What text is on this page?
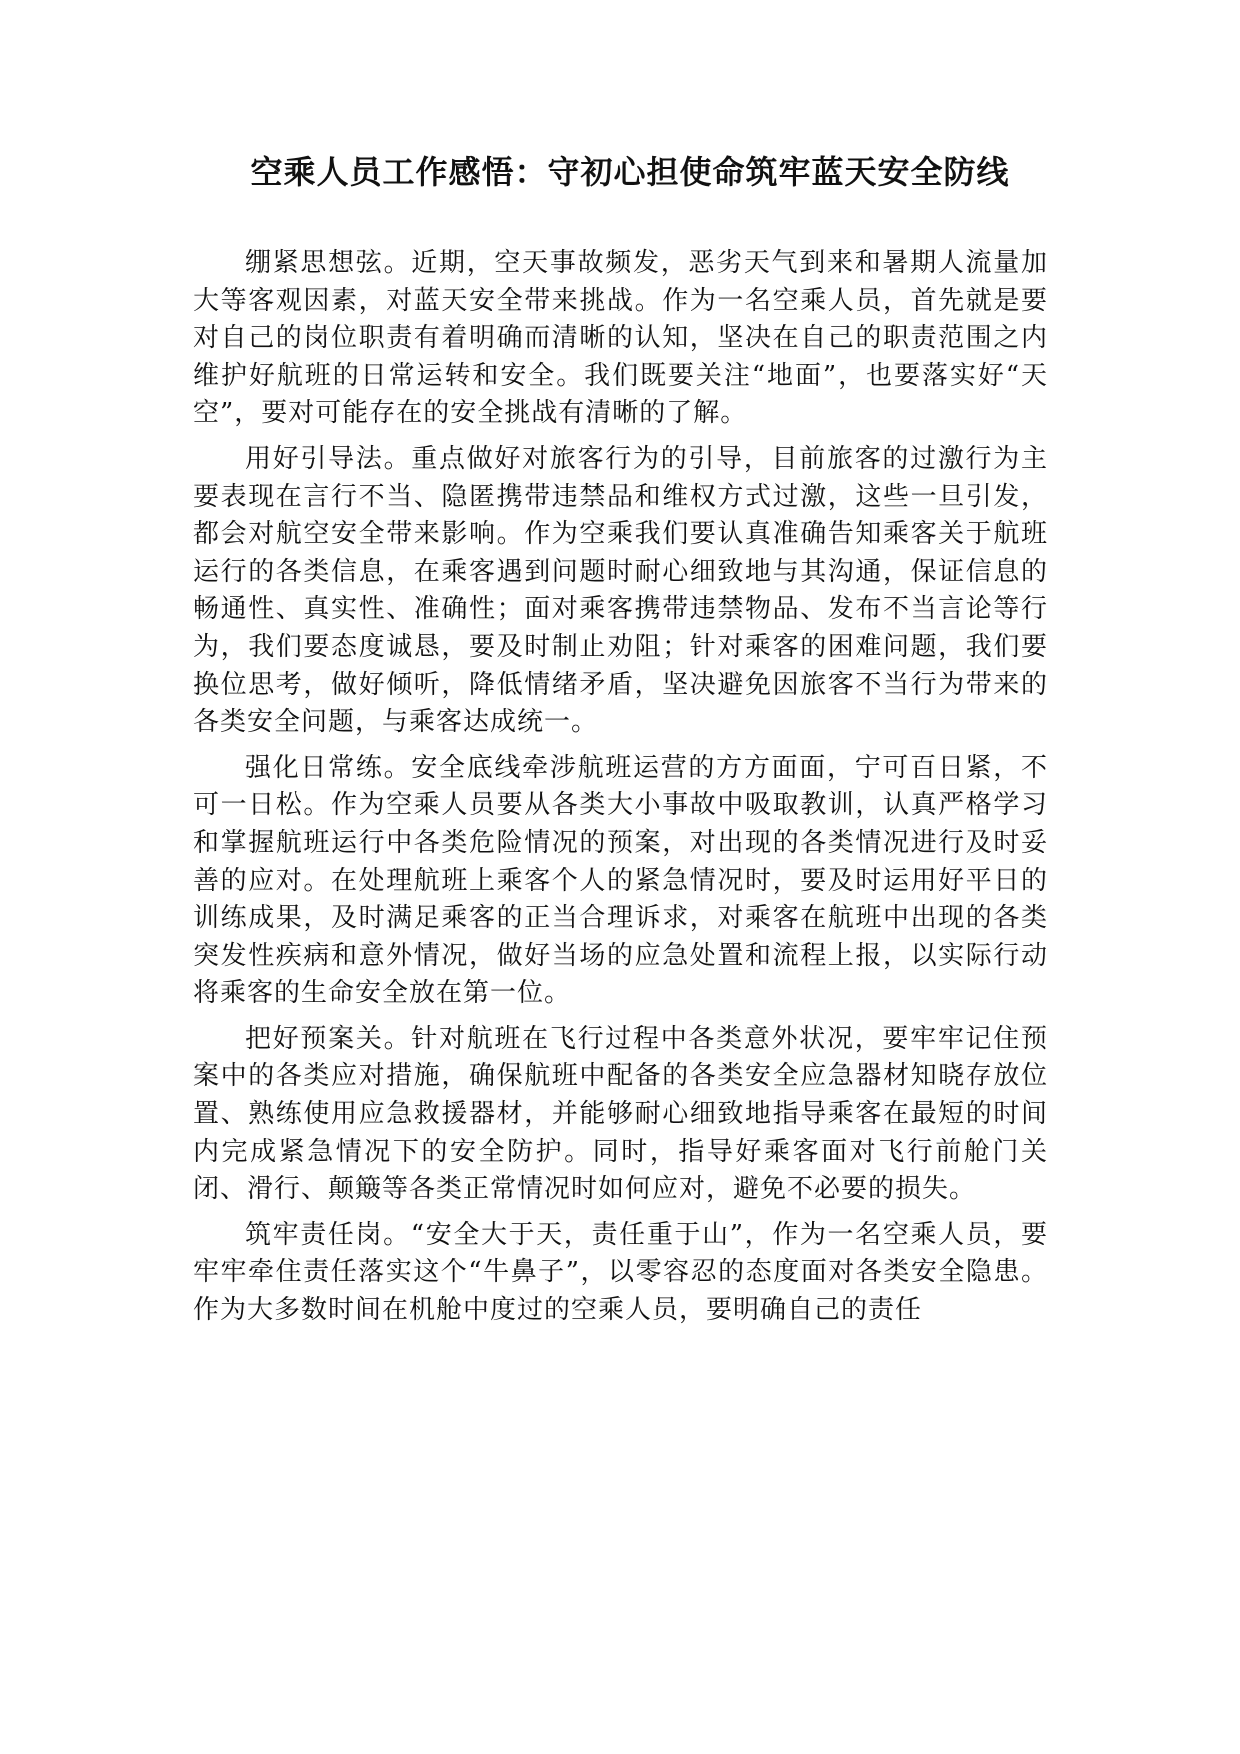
空乘人员工作感悟：守初心担使命筑牢蓝天安全防线

绷紧思想弦。近期，空天事故频发，恶劣天气到来和暑期人流量加大等客观因素，对蓝天安全带来挑战。作为一名空乘人员，首先就是要对自己的岗位职责有着明确而清晰的认知，坚决在自己的职责范围之内维护好航班的日常运转和安全。我们既要关注“地面”，也要落实好“天空”，要对可能存在的安全挑战有清晰的了解。

用好引导法。重点做好对旅客行为的引导，目前旅客的过激行为主要表现在言行不当、隐匿携带违禁品和维权方式过激，这些一旦引发，都会对航空安全带来影响。作为空乘我们要认真准确告知乘客关于航班运行的各类信息，在乘客遇到问题时耐心细致地与其沟通，保证信息的畅通性、真实性、准确性；面对乘客携带违禁物品、发布不当言论等行为，我们要态度诚恳，要及时制止劝阻；针对乘客的困难问题，我们要换位思考，做好倾听，降低情绪矛盾，坚决避免因旅客不当行为带来的各类安全问题，与乘客达成统一。

强化日常练。安全底线牵涉航班运营的方方面面，宁可百日紧，不可一日松。作为空乘人员要从各类大小事故中吸取教训，认真严格学习和掌握航班运行中各类危险情况的预案，对出现的各类情况进行及时妥善的应对。在处理航班上乘客个人的紧急情况时，要及时运用好平日的训练成果，及时满足乘客的正当合理诉求，对乘客在航班中出现的各类突发性疾病和意外情况，做好当场的应急处置和流程上报，以实际行动将乘客的生命安全放在第一位。

把好预案关。针对航班在飞行过程中各类意外状况，要牢牢记住预案中的各类应对措施，确保航班中配备的各类安全应急器材知晓存放位置、熟练使用应急救援器材，并能够耐心细致地指导乘客在最短的时间内完成紧急情况下的安全防护。同时，指导好乘客面对飞行前舱门关闭、滑行、颠簸等各类正常情况时如何应对，避免不必要的损失。

筑牢责任岗。“安全大于天，责任重于山”，作为一名空乘人员，要牢牢牵住责任落实这个“牛鼻子”，以零容忍的态度面对各类安全隐患。作为大多数时间在机舱中度过的空乘人员，要明确自己的责任
